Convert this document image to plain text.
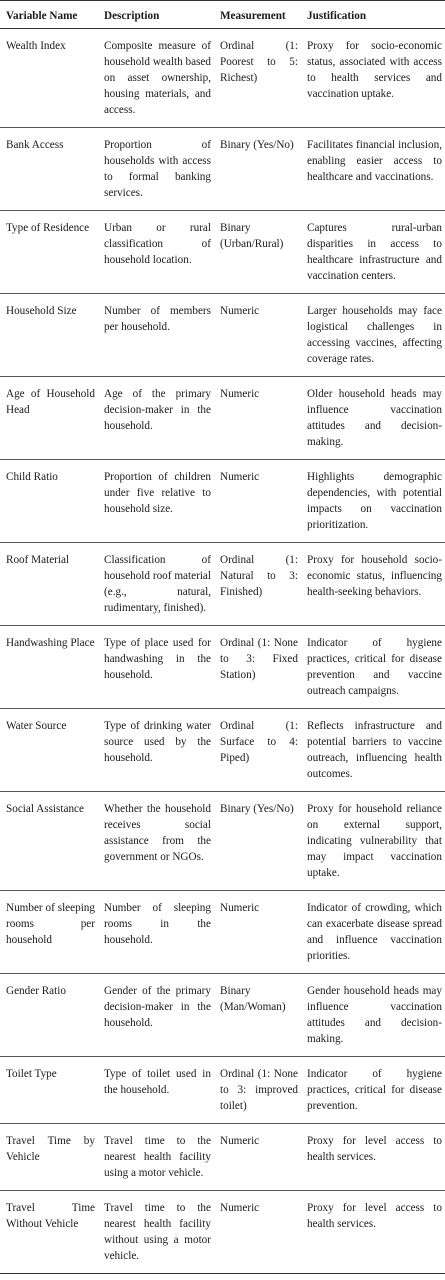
Variable Name	Description	Measurement	Justification
Wealth Index	Composite measure of household wealth based on asset ownership, housing materials, and access.	Ordinal (1: Poorest to 5: Richest)	Proxy for socio-economic status, associated with access to health services and vaccination uptake.
Bank Access	Proportion of households with access to formal banking services.	Binary (Yes/No)	Facilitates financial inclusion, enabling easier access to healthcare and vaccinations.
Type of Residence	Urban or rural classification of household location.	Binary (Urban/Rural)	Captures rural-urban disparities in access to healthcare infrastructure and vaccination centers.
Household Size	Number of members per household.	Numeric	Larger households may face logistical challenges in accessing vaccines, affecting coverage rates.
Age of Household Head	Age of the primary decision-maker in the household.	Numeric	Older household heads may influence vaccination attitudes and decision-making.
Child Ratio	Proportion of children under five relative to household size.	Numeric	Highlights demographic dependencies, with potential impacts on vaccination prioritization.
Roof Material	Classification of household roof material (e.g., natural, rudimentary, finished).	Ordinal (1: Natural to 3: Finished)	Proxy for household socio-economic status, influencing health-seeking behaviors.
Handwashing Place	Type of place used for handwashing in the household.	Ordinal (1: None to 3: Fixed Station)	Indicator of hygiene practices, critical for disease prevention and vaccine outreach campaigns.
Water Source	Type of drinking water source used by the household.	Ordinal (1: Surface to 4: Piped)	Reflects infrastructure and potential barriers to vaccine outreach, influencing health outcomes.
Social Assistance	Whether the household receives social assistance from the government or NGOs.	Binary (Yes/No)	Proxy for household reliance on external support, indicating vulnerability that may impact vaccination uptake.
Number of sleeping rooms per household	Number of sleeping rooms in the household.	Numeric	Indicator of crowding, which can exacerbate disease spread and influence vaccination priorities.
Gender Ratio	Gender of the primary decision-maker in the household.	Binary (Man/Woman)	Gender household heads may influence vaccination attitudes and decision-making.
Toilet Type	Type of toilet used in the household.	Ordinal (1: None to 3: improved toilet)	Indicator of hygiene practices, critical for disease prevention.
Travel Time by Vehicle	Travel time to the nearest health facility using a motor vehicle.	Numeric	Proxy for level access to health services.
Travel Time Without Vehicle	Travel time to the nearest health facility without using a motor vehicle.	Numeric	Proxy for level access to health services.
